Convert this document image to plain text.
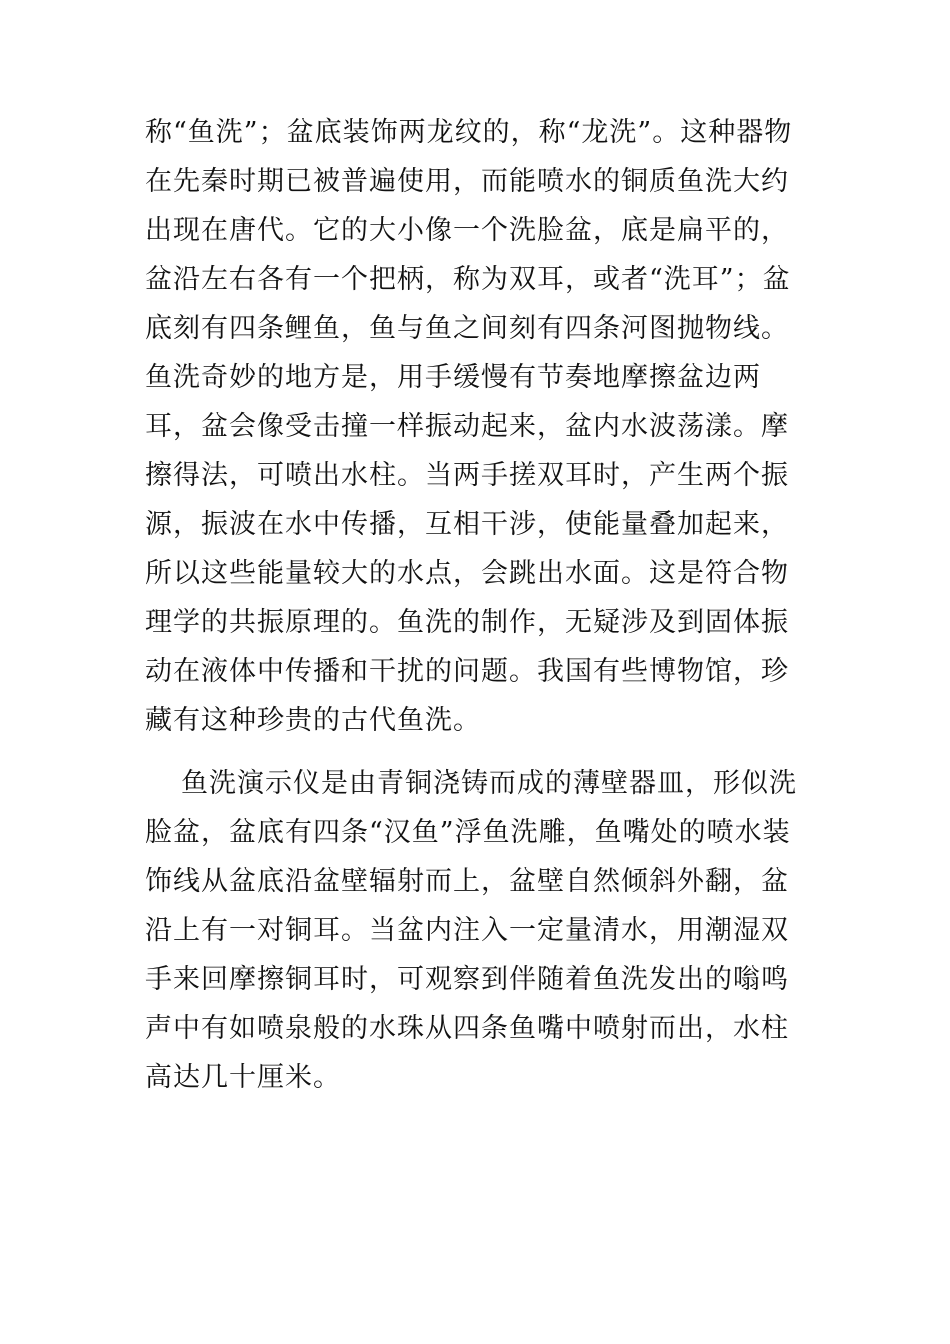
称“鱼洗”；盆底装饰两龙纹的，称“龙洗”。这种器物
在先秦时期已被普遍使用，而能喷水的铜质鱼洗大约
出现在唐代。它的大小像一个洗脸盆，底是扁平的，
盆沿左右各有一个把柄，称为双耳，或者“洗耳”；盆
底刻有四条鲤鱼，鱼与鱼之间刻有四条河图抛物线。
鱼洗奇妙的地方是，用手缓慢有节奏地摩擦盆边两
耳，盆会像受击撞一样振动起来，盆内水波荡漾。摩
擦得法，可喷出水柱。当两手搓双耳时，产生两个振
源，振波在水中传播，互相干涉，使能量叠加起来，
所以这些能量较大的水点，会跳出水面。这是符合物
理学的共振原理的。鱼洗的制作，无疑涉及到固体振
动在液体中传播和干扰的问题。我国有些博物馆，珍
藏有这种珍贵的古代鱼洗。
鱼洗演示仪是由青铜浇铸而成的薄壁器皿，形似洗
脸盆，盆底有四条“汉鱼”浮鱼洗雕，鱼嘴处的喷水装
饰线从盆底沿盆壁辐射而上，盆壁自然倾斜外翻，盆
沿上有一对铜耳。当盆内注入一定量清水，用潮湿双
手来回摩擦铜耳时，可观察到伴随着鱼洗发出的嗡鸣
声中有如喷泉般的水珠从四条鱼嘴中喷射而出，水柱
高达几十厘米。
